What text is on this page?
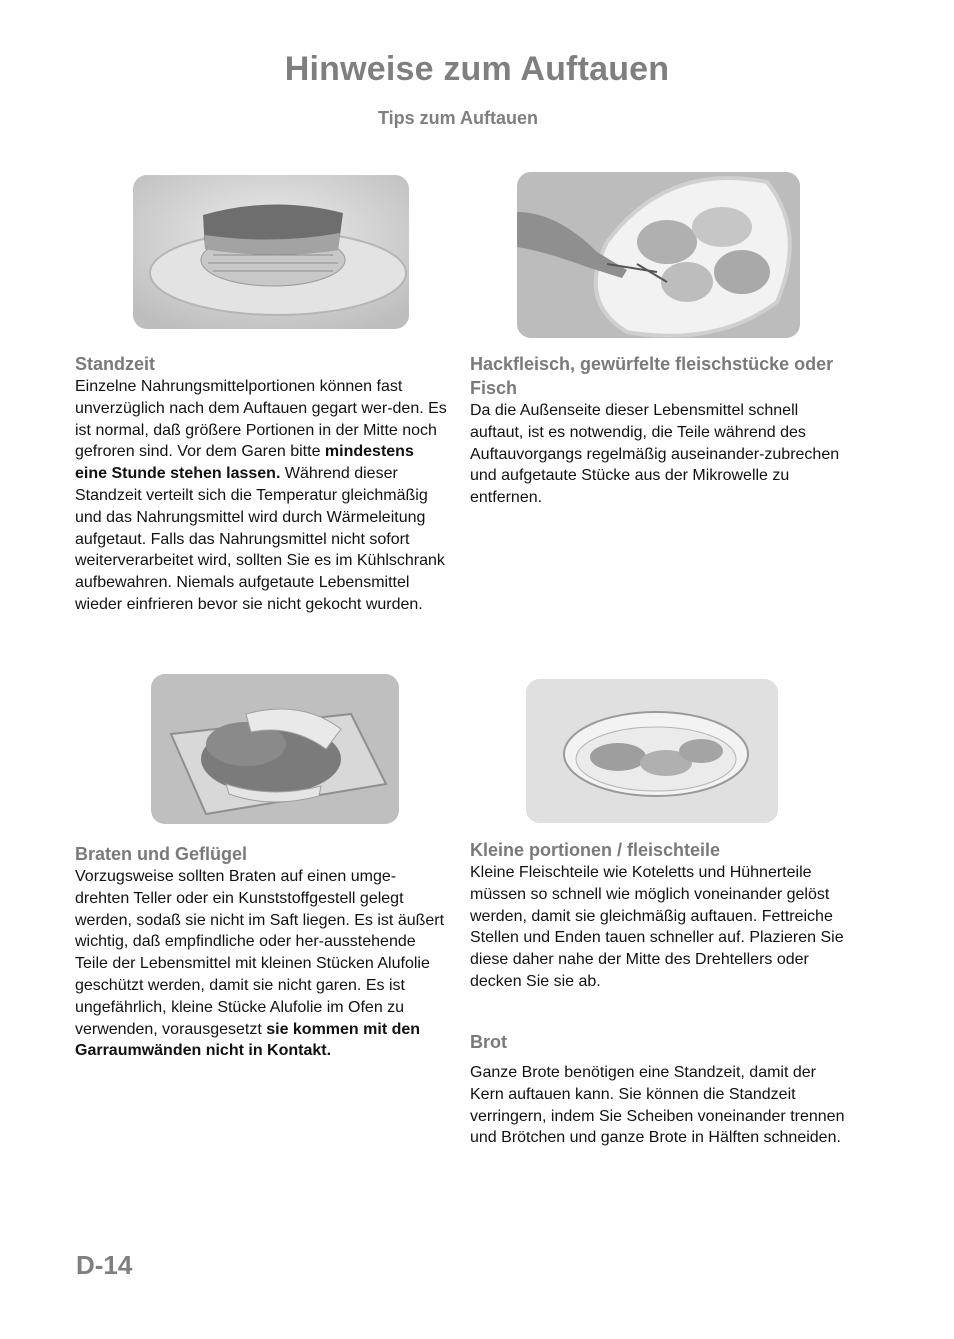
Hinweise zum Auftauen
Tips zum Auftauen
Standzeit

Einzelne Nahrungsmittelportionen können fast unverzüglich nach dem Auftauen gegart wer-den. Es ist normal, daß größere Portionen in der Mitte noch gefroren sind. Vor dem Garen bitte mindestens eine Stunde stehen lassen. Während dieser Standzeit verteilt sich die Temperatur gleichmäßig und das Nahrungsmittel wird durch Wärmeleitung aufgetaut. Falls das Nahrungsmittel nicht sofort weiterverarbeitet wird, sollten Sie es im Kühlschrank aufbewahren. Niemals aufgetaute Lebensmittel wieder einfrieren bevor sie nicht gekocht wurden.

Hackfleisch, gewürfelte fleischstücke oder Fisch

Da die Außenseite dieser Lebensmittel schnell auftaut, ist es notwendig, die Teile während des Auftauvorgangs regelmäßig auseinander-zubrechen und aufgetaute Stücke aus der Mikrowelle zu entfernen.

Braten und Geflügel

Vorzugsweise sollten Braten auf einen umge-drehten Teller oder ein Kunststoffgestell gelegt werden, sodaß sie nicht im Saft liegen. Es ist äußert wichtig, daß empfindliche oder her-ausstehende Teile der Lebensmittel mit kleinen Stücken Alufolie geschützt werden, damit sie nicht garen. Es ist ungefährlich, kleine Stücke Alufolie im Ofen zu verwenden, vorausgesetzt sie kommen mit den Garraumwänden nicht in Kontakt.

Kleine portionen / fleischteile

Kleine Fleischteile wie Koteletts und Hühnerteile müssen so schnell wie möglich voneinander gelöst werden, damit sie gleichmäßig auftauen. Fettreiche Stellen und Enden tauen schneller auf. Plazieren Sie diese daher nahe der Mitte des Drehtellers oder decken Sie sie ab.

Brot

Ganze Brote benötigen eine Standzeit, damit der Kern auftauen kann. Sie können die Standzeit verringern, indem Sie Scheiben voneinander trennen und Brötchen und ganze Brote in Hälften schneiden.

D-14
